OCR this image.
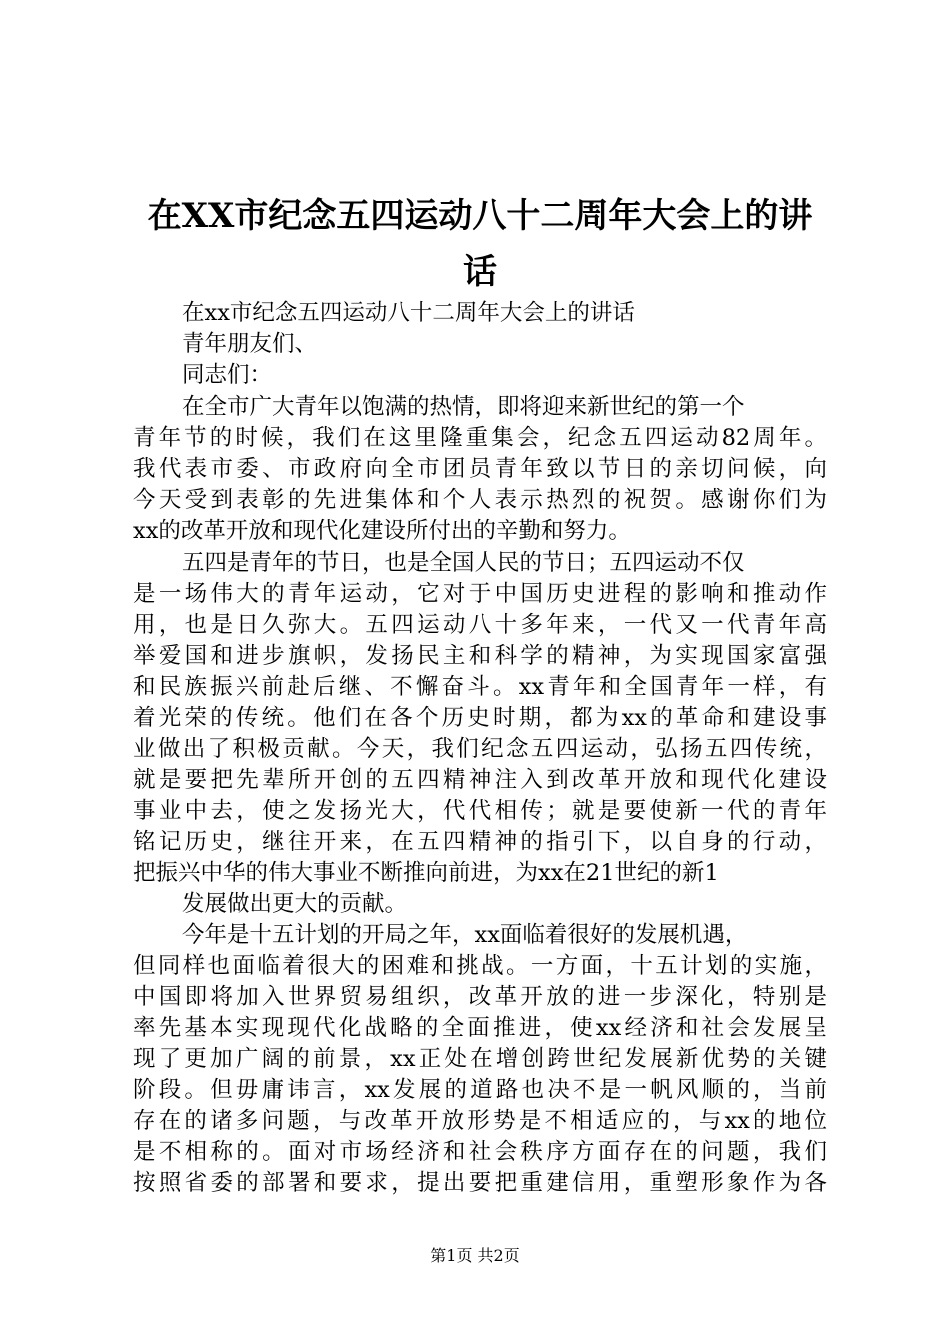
在XX市纪念五四运动八十二周年大会上的讲
话

在xx市纪念五四运动八十二周年大会上的讲话

青年朋友们、

同志们：

在全市广大青年以饱满的热情，即将迎来新世纪的第一个

青年节的时候，我们在这里隆重集会，纪念五四运动82周年。

我代表市委、市政府向全市团员青年致以节日的亲切问候，向

今天受到表彰的先进集体和个人表示热烈的祝贺。感谢你们为

xx的改革开放和现代化建设所付出的辛勤和努力。

五四是青年的节日，也是全国人民的节日；五四运动不仅

是一场伟大的青年运动，它对于中国历史进程的影响和推动作

用，也是日久弥大。五四运动八十多年来，一代又一代青年高

举爱国和进步旗帜，发扬民主和科学的精神，为实现国家富强

和民族振兴前赴后继、不懈奋斗。xx青年和全国青年一样，有

着光荣的传统。他们在各个历史时期，都为xx的革命和建设事

业做出了积极贡献。今天，我们纪念五四运动，弘扬五四传统，

就是要把先辈所开创的五四精神注入到改革开放和现代化建设

事业中去，使之发扬光大，代代相传；就是要使新一代的青年

铭记历史，继往开来，在五四精神的指引下，以自身的行动，

把振兴中华的伟大事业不断推向前进，为xx在21世纪的新1

发展做出更大的贡献。

今年是十五计划的开局之年，xx面临着很好的发展机遇，

但同样也面临着很大的困难和挑战。一方面，十五计划的实施，

中国即将加入世界贸易组织，改革开放的进一步深化，特别是

率先基本实现现代化战略的全面推进，使xx经济和社会发展呈

现了更加广阔的前景，xx正处在增创跨世纪发展新优势的关键

阶段。但毋庸讳言，xx发展的道路也决不是一帆风顺的，当前

存在的诸多问题，与改革开放形势是不相适应的，与xx的地位

是不相称的。面对市场经济和社会秩序方面存在的问题，我们

按照省委的部署和要求，提出要把重建信用，重塑形象作为各

第1页 共2页
